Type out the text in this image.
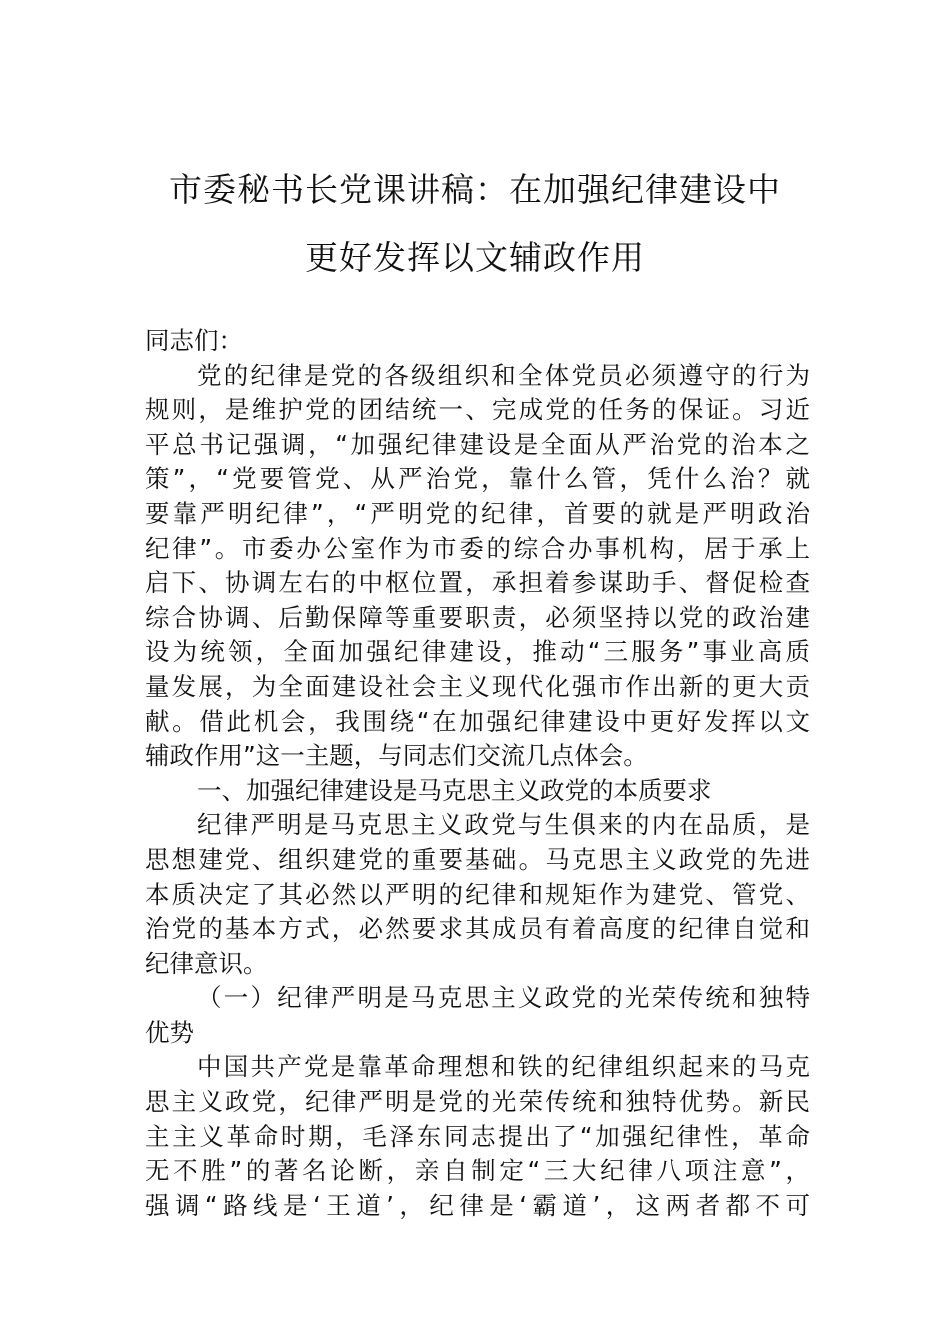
市委秘书长党课讲稿：在加强纪律建设中
更好发挥以文辅政作用
同志们：
党的纪律是党的各级组织和全体党员必须遵守的行为
规则，是维护党的团结统一、完成党的任务的保证。习近
平总书记强调，“加强纪律建设是全面从严治党的治本之
策”，“党要管党、从严治党，靠什么管，凭什么治？就
要靠严明纪律”，“严明党的纪律，首要的就是严明政治
纪律”。市委办公室作为市委的综合办事机构，居于承上
启下、协调左右的中枢位置，承担着参谋助手、督促检查
综合协调、后勤保障等重要职责，必须坚持以党的政治建
设为统领，全面加强纪律建设，推动“三服务”事业高质
量发展，为全面建设社会主义现代化强市作出新的更大贡
献。借此机会，我围绕“在加强纪律建设中更好发挥以文
辅政作用”这一主题，与同志们交流几点体会。
一、加强纪律建设是马克思主义政党的本质要求
纪律严明是马克思主义政党与生俱来的内在品质，是
思想建党、组织建党的重要基础。马克思主义政党的先进
本质决定了其必然以严明的纪律和规矩作为建党、管党、
治党的基本方式，必然要求其成员有着高度的纪律自觉和
纪律意识。
（一）纪律严明是马克思主义政党的光荣传统和独特
优势
中国共产党是靠革命理想和铁的纪律组织起来的马克
思主义政党，纪律严明是党的光荣传统和独特优势。新民
主主义革命时期，毛泽东同志提出了“加强纪律性，革命
无不胜”的著名论断，亲自制定“三大纪律八项注意”，
强调“路线是‘王道’，纪律是‘霸道’，这两者都不可
